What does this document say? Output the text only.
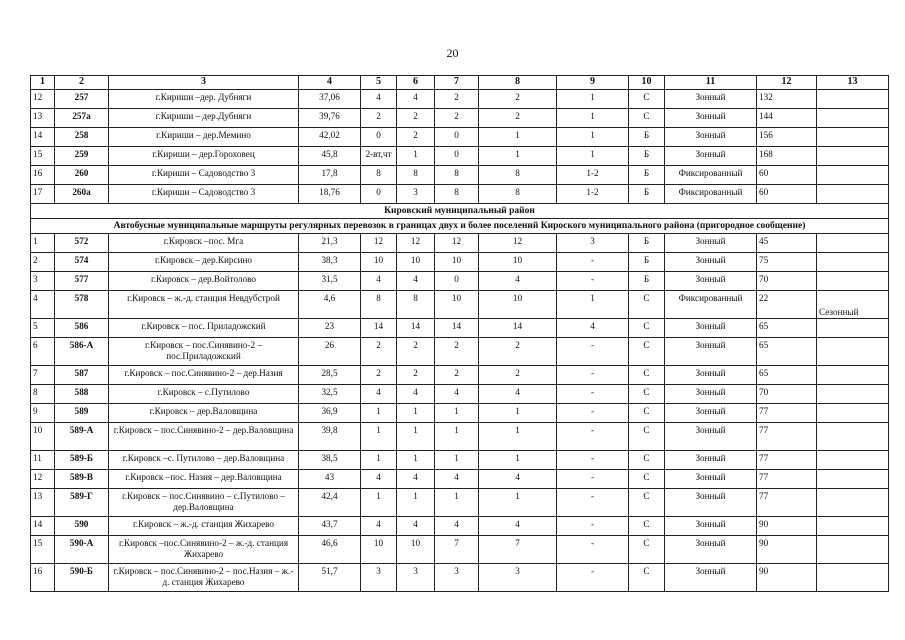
20
1	2	3	4	5	6	7	8	9	10	11	12	13
12	257	г.Кириши –дер. Дубняги	37,06	4	4	2	2	1	С	Зонный	132	
13	257а	г.Кириши – дер.Дубняги	39,76	2	2	2	2	1	С	Зонный	144	
14	258	г.Кириши – дер.Мемино	42,02	0	2	0	1	1	Б	Зонный	156	
15	259	г.Кириши – дер.Гороховец	45,8	2-вт,чт	1	0	1	1	Б	Зонный	168	
16	260	г.Кириши – Садоводство 3	17,8	8	8	8	8	1-2	Б	Фиксированный	60	
17	260а	г.Кириши – Садоводство 3	18,76	0	3	8	8	1-2	Б	Фиксированный	60	
Кировский муниципальный район												
Автобусные муниципальные маршруты регулярных перевозок в границах двух и более поселений Кироского муниципального района (пригородное сообщение)												
1	572	г.Кировск –пос. Мга	21,3	12	12	12	12	3	Б	Зонный	45	
2	574	г.Кировск – дер.Кирсино	38,3	10	10	10	10	-	Б	Зонный	75	
3	577	г.Кировск – дер.Войтолово	31,5	4	4	0	4	-	Б	Зонный	70	
4	578	г.Кировск – ж.-д. станция Невдубстрой	4,6	8	8	10	10	1	С	Фиксированный	22	Сезонный
5	586	г.Кировск – пос. Приладожский	23	14	14	14	14	4	С	Зонный	65	
6	586-А	г.Кировск – пос.Синявино-2 – пос.Приладожский	26	2	2	2	2	-	С	Зонный	65	
7	587	г.Кировск – пос.Синявино-2 – дер.Назия	28,5	2	2	2	2	-	С	Зонный	65	
8	588	г.Кировск – с.Путилово	32,5	4	4	4	4	-	С	Зонный	70	
9	589	г.Кировск – дер.Валовщина	36,9	1	1	1	1	-	С	Зонный	77	
10	589-А	г.Кировск – пос.Синявино-2 – дер.Валовщина	39,8	1	1	1	1	-	С	Зонный	77	
11	589-Б	г.Кировск –с. Путилово – дер.Валовщина	38,5	1	1	1	1	-	С	Зонный	77	
12	589-В	г.Кировск –пос. Назия – дер.Валовщина	43	4	4	4	4	-	С	Зонный	77	
13	589-Г	г.Кировск – пос.Синявино – с.Путилово – дер.Валовщина	42,4	1	1	1	1	-	С	Зонный	77	
14	590	г.Кировск – ж.-д. станция Жихарево	43,7	4	4	4	4	-	С	Зонный	90	
15	590-А	г.Кировск –пос.Синявино-2 – ж.-д. станция Жихарево	46,6	10	10	7	7	-	С	Зонный	90	
16	590-Б	г.Кировск – пос.Синявино-2 – пос.Назия – ж.-д. станция Жихарево	51,7	3	3	3	3	-	С	Зонный	90	
